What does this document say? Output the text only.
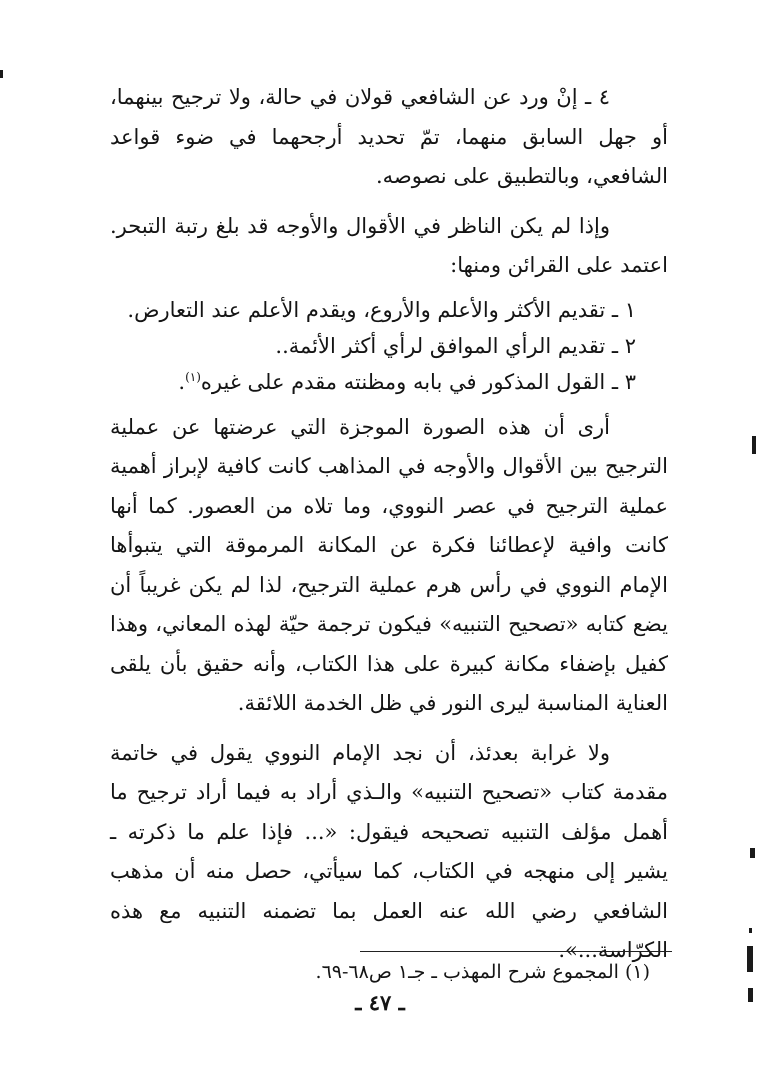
٤ ـ إنْ ورد عن الشافعي قولان في حالة، ولا ترجيح بينهما، أو جهل السابق منهما، تمّ تحديد أرجحهما في ضوء قواعد الشافعي، وبالتطبيق على نصوصه.

وإذا لم يكن الناظر في الأقوال والأوجه قد بلغ رتبة التبحر. اعتمد على القرائن ومنها:

١ ـ تقديم الأكثر والأعلم والأروع، ويقدم الأعلم عند التعارض.
٢ ـ تقديم الرأي الموافق لرأي أكثر الأئمة..
٣ ـ القول المذكور في بابه ومظنته مقدم على غيره$^{(١)}$.

أرى أن هذه الصورة الموجزة التي عرضتها عن عملية الترجيح بين الأقوال والأوجه في المذاهب كانت كافية لإبراز أهمية عملية الترجيح في عصر النووي، وما تلاه من العصور. كما أنها كانت وافية لإعطائنا فكرة عن المكانة المرموقة التي يتبوأها الإمام النووي في رأس هرم عملية الترجيح، لذا لم يكن غريباً أن يضع كتابه «تصحيح التنبيه» فيكون ترجمة حيّة لهذه المعاني، وهذا كفيل بإضفاء مكانة كبيرة على هذا الكتاب، وأنه حقيق بأن يلقى العناية المناسبة ليرى النور في ظل الخدمة اللائقة.

ولا غرابة بعدئذ، أن نجد الإمام النووي يقول في خاتمة مقدمة كتاب «تصحيح التنبيه» والـذي أراد به فيما أراد ترجيح ما أهمل مؤلف التنبيه تصحيحه فيقول: «... فإذا علم ما ذكرته ـ يشير إلى منهجه في الكتاب، كما سيأتي، حصل منه أن مذهب الشافعي رضي الله عنه العمل بما تضمنه التنبيه مع هذه الكرّاسة...».

(١) المجموع شرح المهذب ـ جـ١ ص٦٨-٦٩.
ـ ٤٧ ـ
